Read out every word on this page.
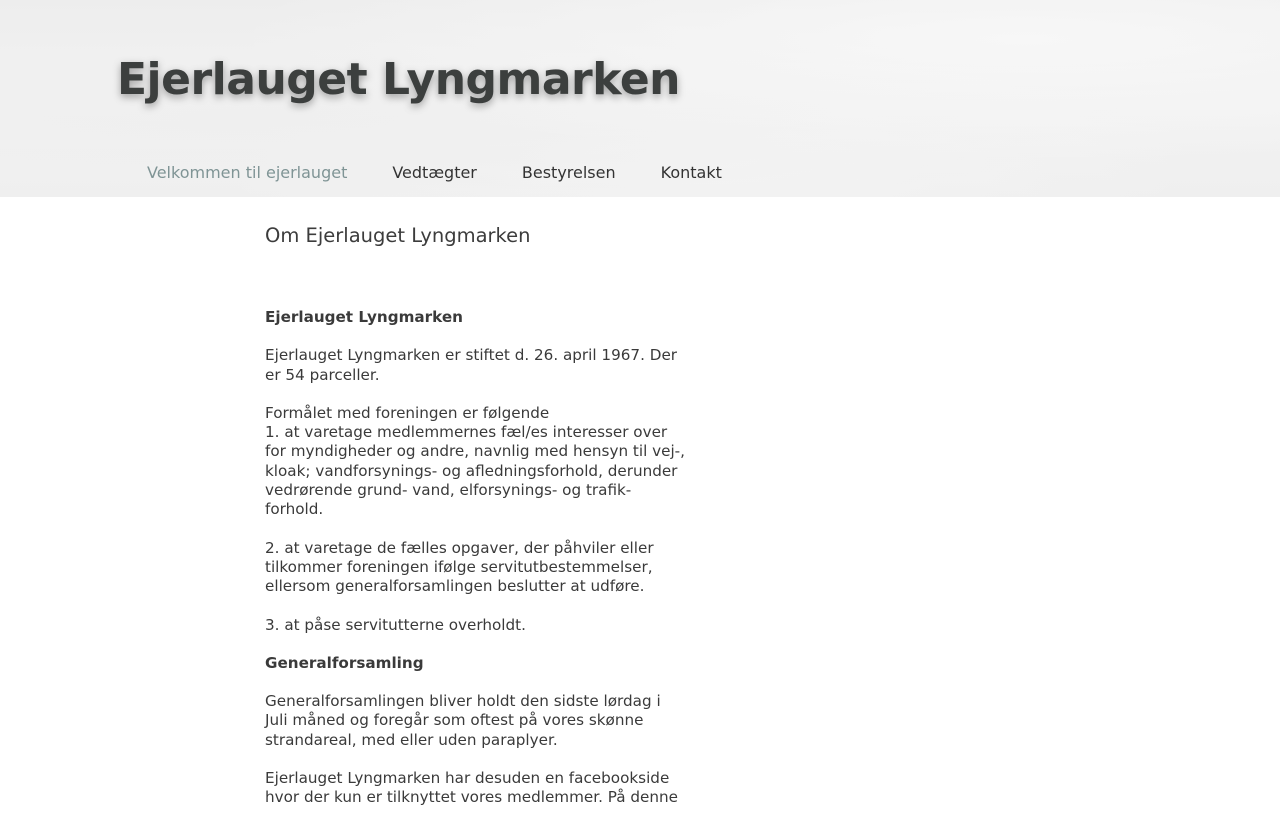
Ejerlauget Lyngmarken
Velkommen til ejerlauget	Vedtægter	Bestyrelsen	Kontakt
Om Ejerlauget Lyngmarken

Ejerlauget Lyngmarken

Ejerlauget Lyngmarken er stiftet d. 26. april 1967. Der
er 54 parceller.

Formålet med foreningen er følgende
1. at varetage medlemmernes fæl/es interesser over
for myndigheder og andre, navnlig med hensyn til vej-,
kloak; vandforsynings- og afledningsforhold, derunder
vedrørende grund- vand, elforsynings- og trafik-
forhold.

2. at varetage de fælles opgaver, der påhviler eller
tilkommer foreningen ifølge servitutbestemmelser,
ellersom generalforsamlingen beslutter at udføre.

3. at påse servitutterne overholdt.

Generalforsamling

Generalforsamlingen bliver holdt den sidste lørdag i
Juli måned og foregår som oftest på vores skønne
strandareal, med eller uden paraplyer.

Ejerlauget Lyngmarken har desuden en facebookside
hvor der kun er tilknyttet vores medlemmer. På denne
